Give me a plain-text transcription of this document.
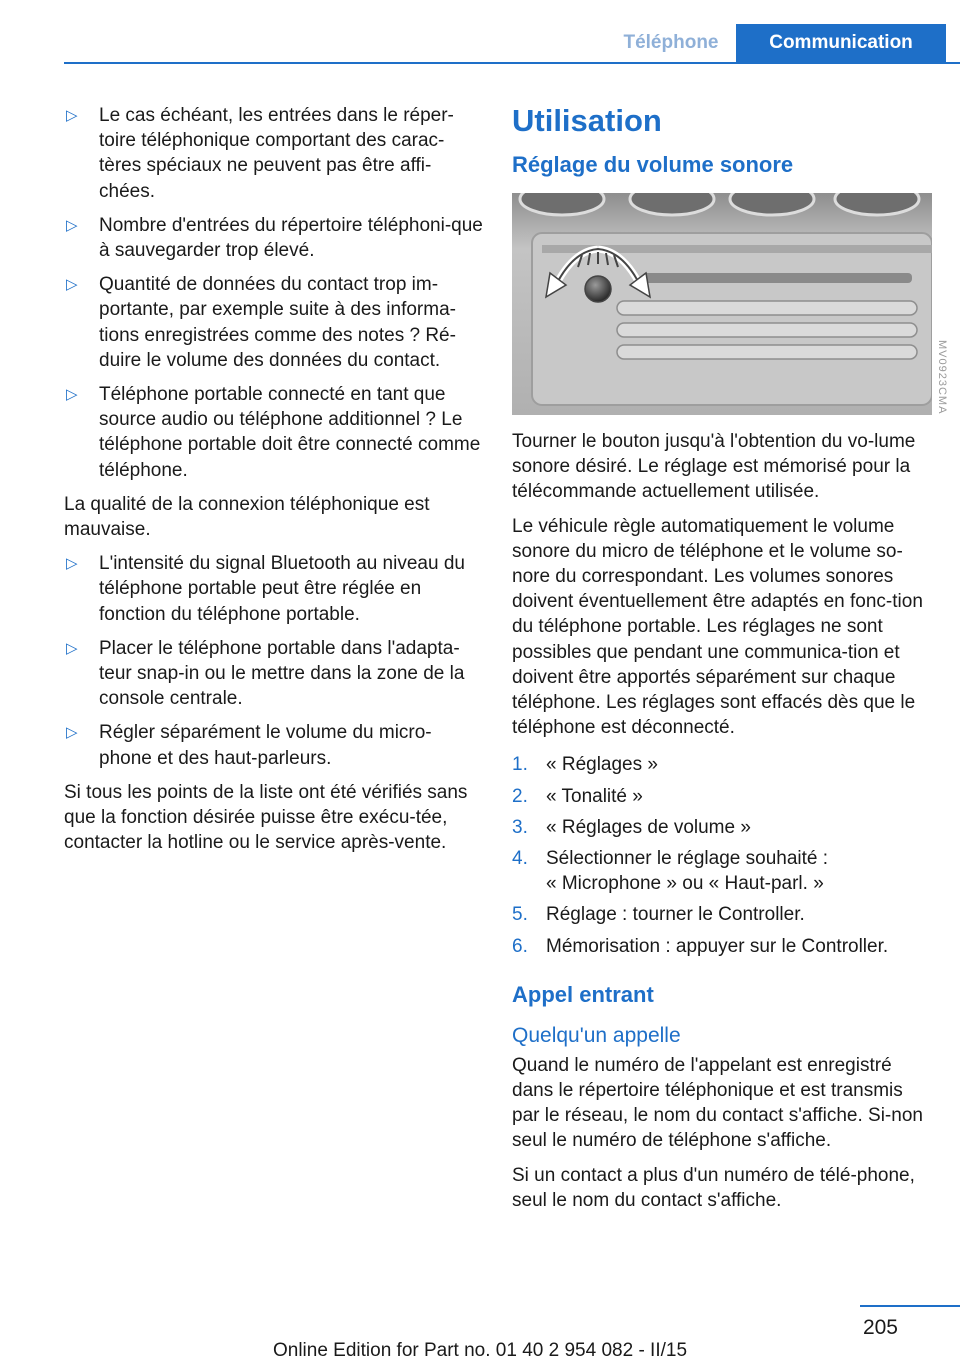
Téléphone	Communication
▷ Le cas échéant, les entrées dans le réper-toire téléphonique comportant des carac-tères spéciaux ne peuvent pas être affi-chées.
▷ Nombre d'entrées du répertoire téléphoni-que à sauvegarder trop élevé.
▷ Quantité de données du contact trop im-portante, par exemple suite à des informa-tions enregistrées comme des notes ? Ré-duire le volume des données du contact.
▷ Téléphone portable connecté en tant que source audio ou téléphone additionnel ? Le téléphone portable doit être connecté comme téléphone.

La qualité de la connexion téléphonique est mauvaise.

▷ L'intensité du signal Bluetooth au niveau du téléphone portable peut être réglée en fonction du téléphone portable.
▷ Placer le téléphone portable dans l'adapta-teur snap-in ou le mettre dans la zone de la console centrale.
▷ Régler séparément le volume du micro-phone et des haut-parleurs.

Si tous les points de la liste ont été vérifiés sans que la fonction désirée puisse être exécu-tée, contacter la hotline ou le service après-vente.

Utilisation
Réglage du volume sonore

Tourner le bouton jusqu'à l'obtention du vo-lume sonore désiré. Le réglage est mémorisé pour la télécommande actuellement utilisée.

Le véhicule règle automatiquement le volume sonore du micro de téléphone et le volume so-nore du correspondant. Les volumes sonores doivent éventuellement être adaptés en fonc-tion du téléphone portable. Les réglages ne sont possibles que pendant une communica-tion et doivent être apportés séparément sur chaque téléphone. Les réglages sont effacés dès que le téléphone est déconnecté.

1. « Réglages »
2. « Tonalité »
3. « Réglages de volume »
4. Sélectionner le réglage souhaité :
« Microphone » ou « Haut-parl. »
5. Réglage : tourner le Controller.
6. Mémorisation : appuyer sur le Controller.
Appel entrant
Quelqu'un appelle

Quand le numéro de l'appelant est enregistré dans le répertoire téléphonique et est transmis par le réseau, le nom du contact s'affiche. Si-non seul le numéro de téléphone s'affiche.

Si un contact a plus d'un numéro de télé-phone, seul le nom du contact s'affiche.

MV0923CMA
205
Online Edition for Part no. 01 40 2 954 082 - II/15
